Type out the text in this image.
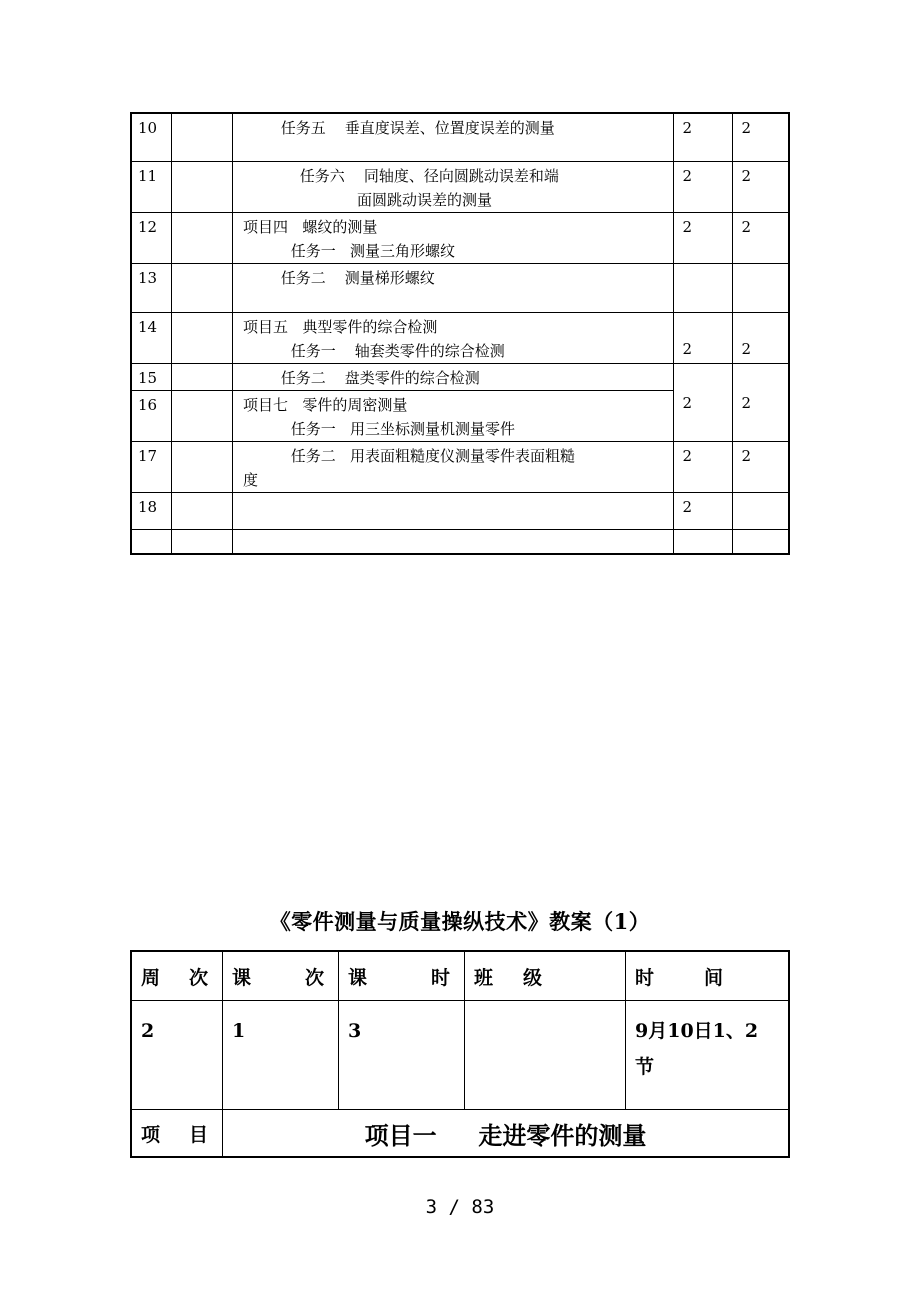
10		任务五    垂直度误差、位置度误差的测量	2	2
11		任务六    同轴度、径向圆跳动误差和端
面圆跳动误差的测量	2	2
12		项目四   螺纹的测量
任务一   测量三角形螺纹	2	2
13		任务二    测量梯形螺纹		

14		项目五   典型零件的综合检测
任务一    轴套类零件的综合检测	2	2
15		任务二    盘类零件的综合检测	2	2
16		项目七   零件的周密测量
任务一   用三坐标测量机测量零件		

17		任务二   用表面粗糙度仪测量零件表面粗糙
度	2	2
18			2	

《零件测量与质量操纵技术》教案（1）
周 次	课 次	课 时	班 级	时 间

2	1	3		9月10日1、2
节

项 目	项目一     走进零件的测量			
3 / 83
